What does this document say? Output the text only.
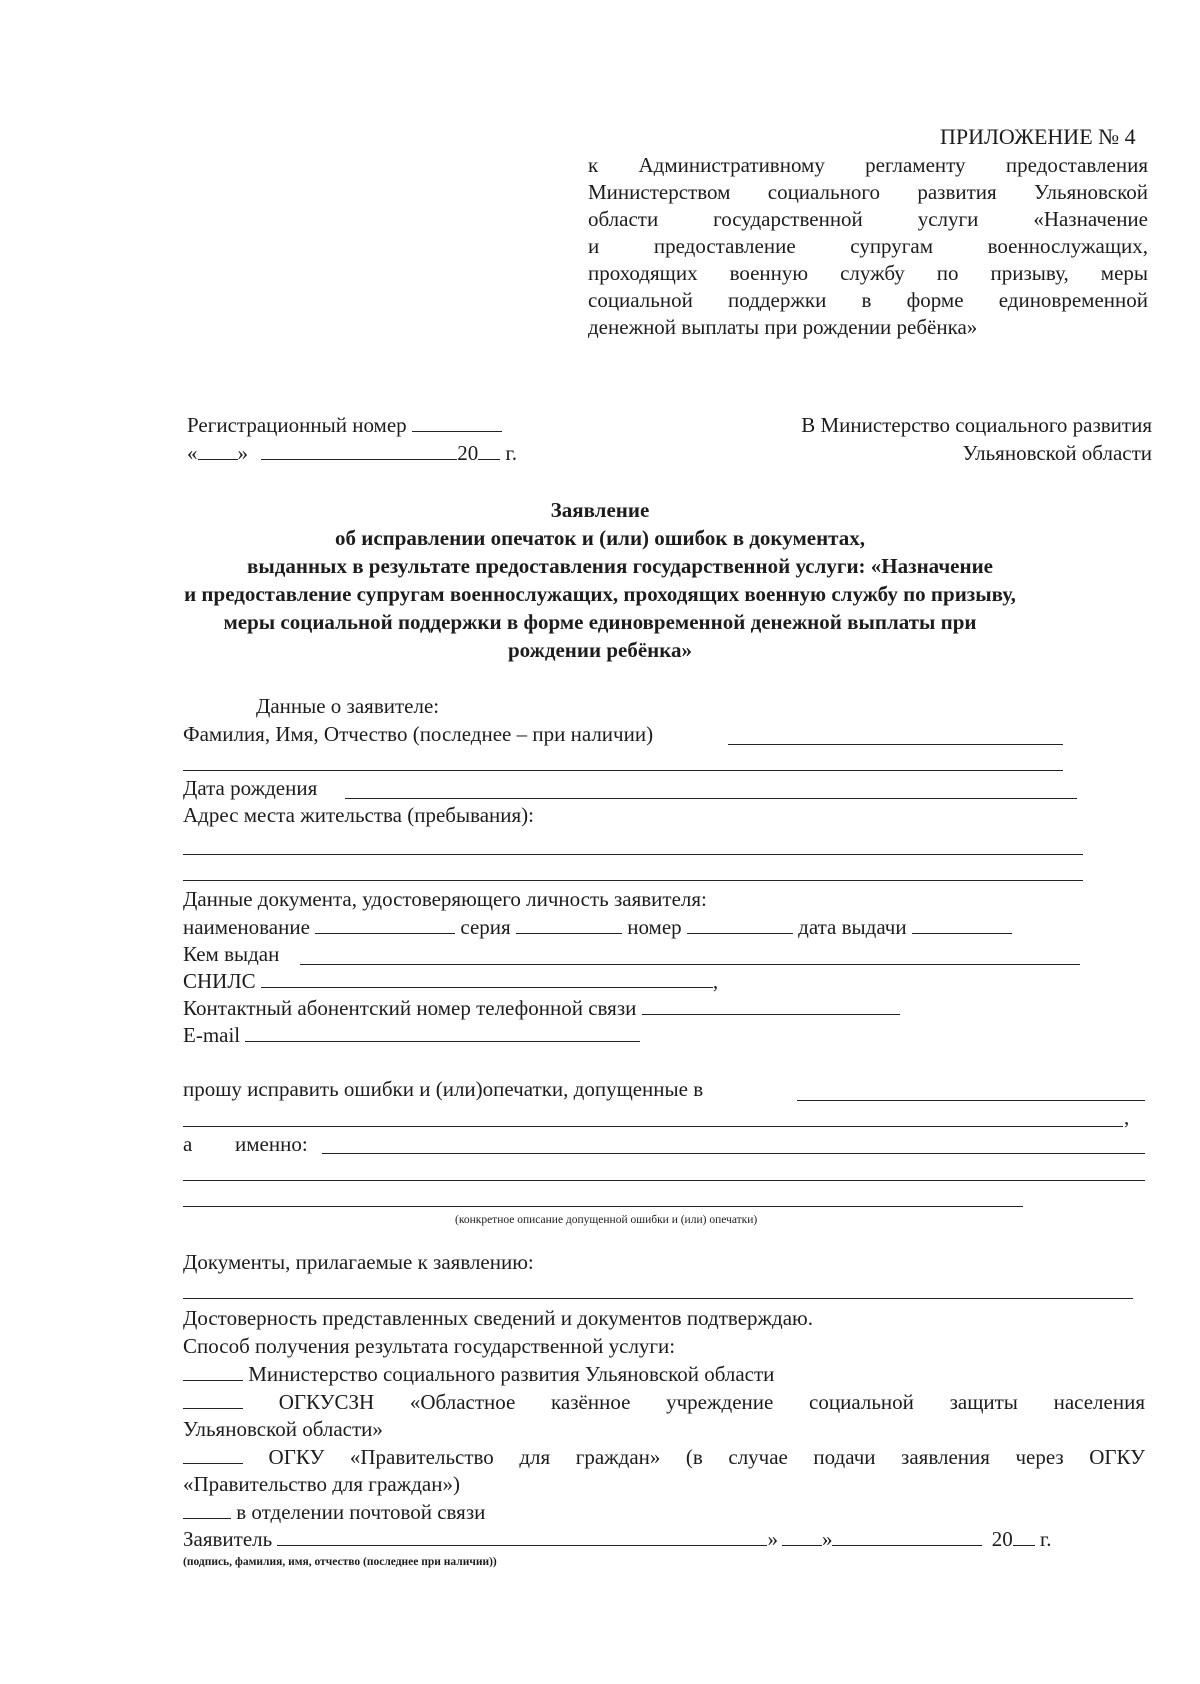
ПРИЛОЖЕНИЕ № 4
к Административному регламенту предоставления
Министерством социального развития Ульяновской
области государственной услуги «Назначение
и предоставление супругам военнослужащих,
проходящих военную службу по призыву, меры
социальной поддержки в форме единовременной
денежной выплаты при рождении ребёнка»
Регистрационный номер
« »	20 г.
В Министерство социального развития
Ульяновской области
Заявление
об исправлении опечаток и (или) ошибок в документах,
выданных в результате предоставления государственной услуги: «Назначение
и предоставление супругам военнослужащих, проходящих военную службу по призыву,
меры социальной поддержки в форме единовременной денежной выплаты при
рождении ребёнка»
Данные о заявителе:
Фамилия, Имя, Отчество (последнее – при наличии)
Дата рождения
Адрес места жительства (пребывания):
Данные документа, удостоверяющего личность заявителя:
наименование	серия	номер	дата выдачи
Кем выдан
СНИЛС	,
Контактный абонентский номер телефонной связи
E-mail
прошу исправить ошибки и (или)опечатки, допущенные в
,
а именно:
(конкретное описание допущенной ошибки и (или) опечатки)
Документы, прилагаемые к заявлению:
Достоверность представленных сведений и документов подтверждаю.
Способ получения результата государственной услуги:
Министерство социального развития Ульяновской области
ОГКУСЗН «Областное казённое учреждение социальной защиты населения
Ульяновской области»
ОГКУ «Правительство для граждан» (в случае подачи заявления через ОГКУ
«Правительство для граждан»)
в отделении почтовой связи
Заявитель	» »	20 г.
(подпись, фамилия, имя, отчество (последнее при наличии))
